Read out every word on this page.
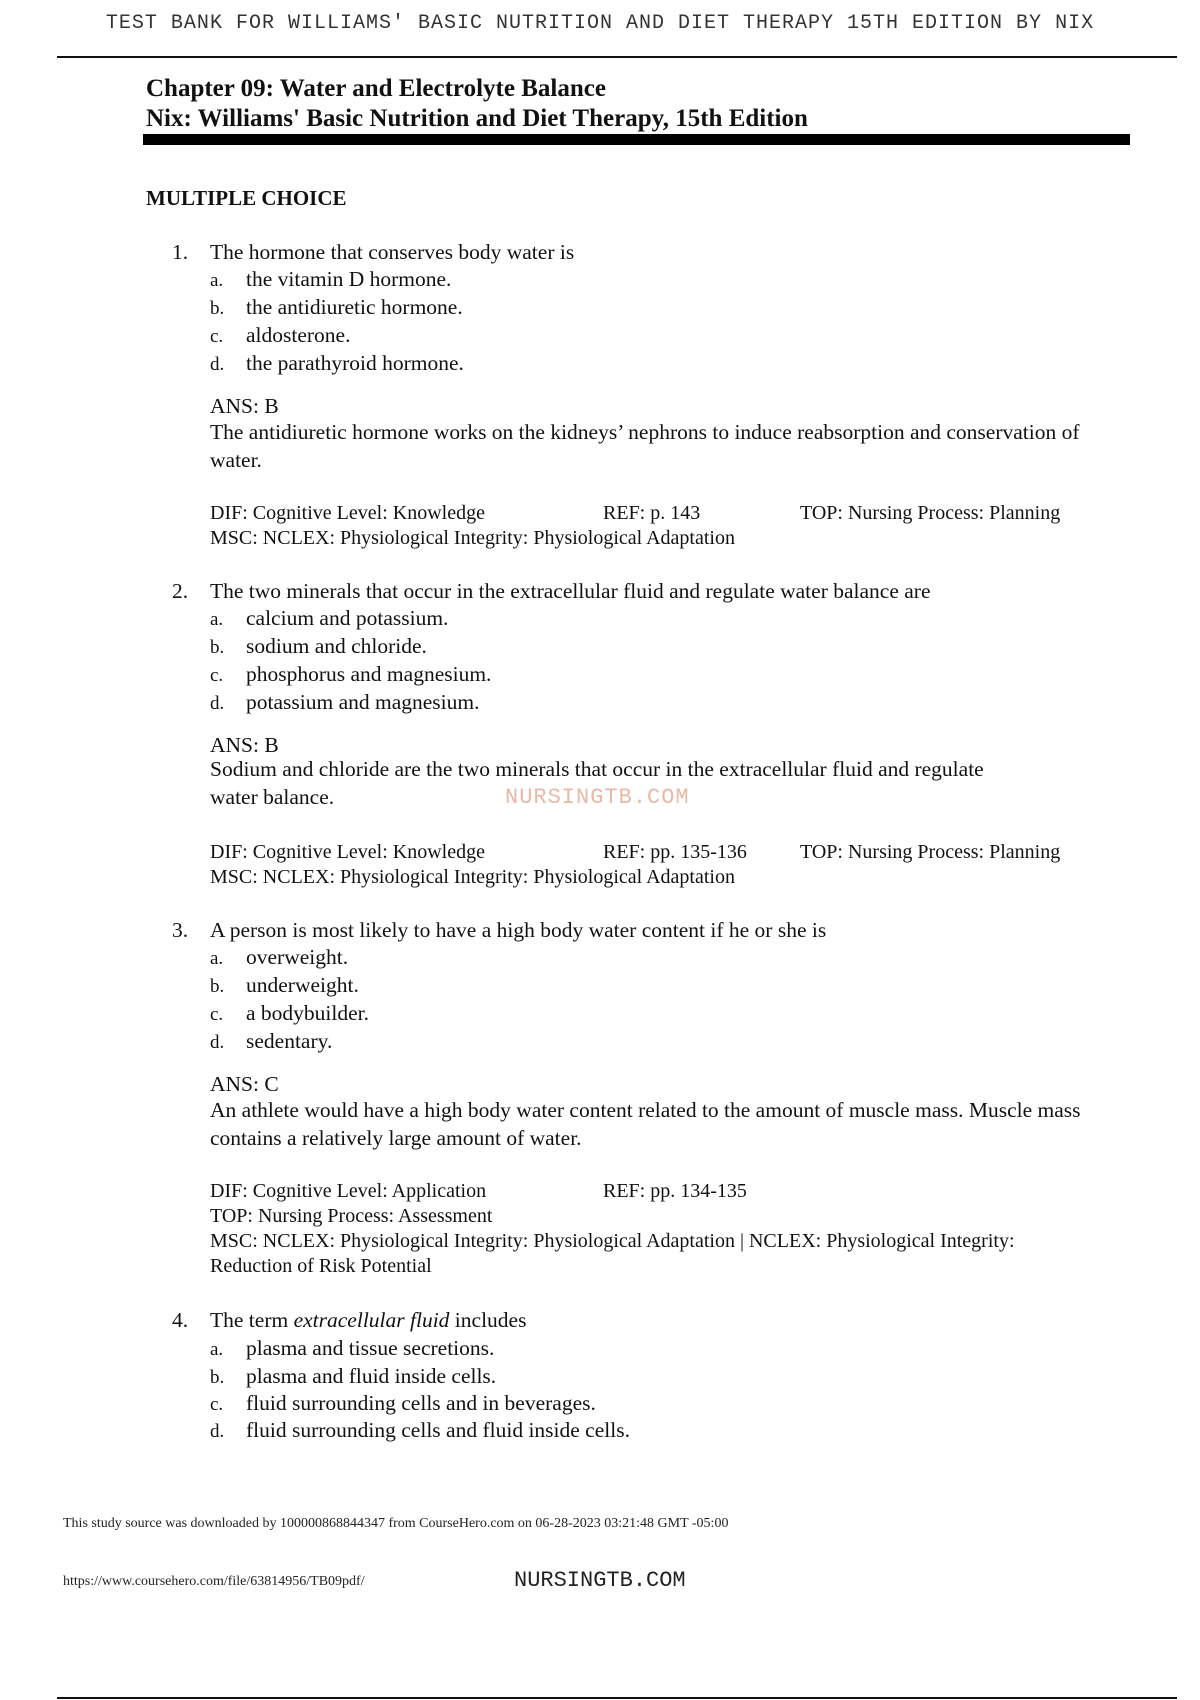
TEST BANK FOR WILLIAMS' BASIC NUTRITION AND DIET THERAPY 15TH EDITION BY NIX
Chapter 09: Water and Electrolyte Balance
Nix: Williams' Basic Nutrition and Diet Therapy, 15th Edition
MULTIPLE CHOICE
1. The hormone that conserves body water is
a. the vitamin D hormone.
b. the antidiuretic hormone.
c. aldosterone.
d. the parathyroid hormone.
ANS: B
The antidiuretic hormone works on the kidneys’ nephrons to induce reabsorption and conservation of water.
DIF: Cognitive Level: Knowledge	REF: p. 143	TOP: Nursing Process: Planning
MSC: NCLEX: Physiological Integrity: Physiological Adaptation
2. The two minerals that occur in the extracellular fluid and regulate water balance are
a. calcium and potassium.
b. sodium and chloride.
c. phosphorus and magnesium.
d. potassium and magnesium.
ANS: B
Sodium and chloride are the two minerals that occur in the extracellular fluid and regulate
water balance.	NURSINGTB.COM
DIF: Cognitive Level: Knowledge	REF: pp. 135-136	TOP: Nursing Process: Planning
MSC: NCLEX: Physiological Integrity: Physiological Adaptation
3. A person is most likely to have a high body water content if he or she is
a. overweight.
b. underweight.
c. a bodybuilder.
d. sedentary.
ANS: C
An athlete would have a high body water content related to the amount of muscle mass. Muscle mass contains a relatively large amount of water.
DIF: Cognitive Level: Application	REF: pp. 134-135
TOP: Nursing Process: Assessment
MSC: NCLEX: Physiological Integrity: Physiological Adaptation | NCLEX: Physiological Integrity:
Reduction of Risk Potential
4. The term extracellular fluid includes
a. plasma and tissue secretions.
b. plasma and fluid inside cells.
c. fluid surrounding cells and in beverages.
d. fluid surrounding cells and fluid inside cells.
This study source was downloaded by 100000868844347 from CourseHero.com on 06-28-2023 03:21:48 GMT -05:00
https://www.coursehero.com/file/63814956/TB09pdf/	NURSINGTB.COM
